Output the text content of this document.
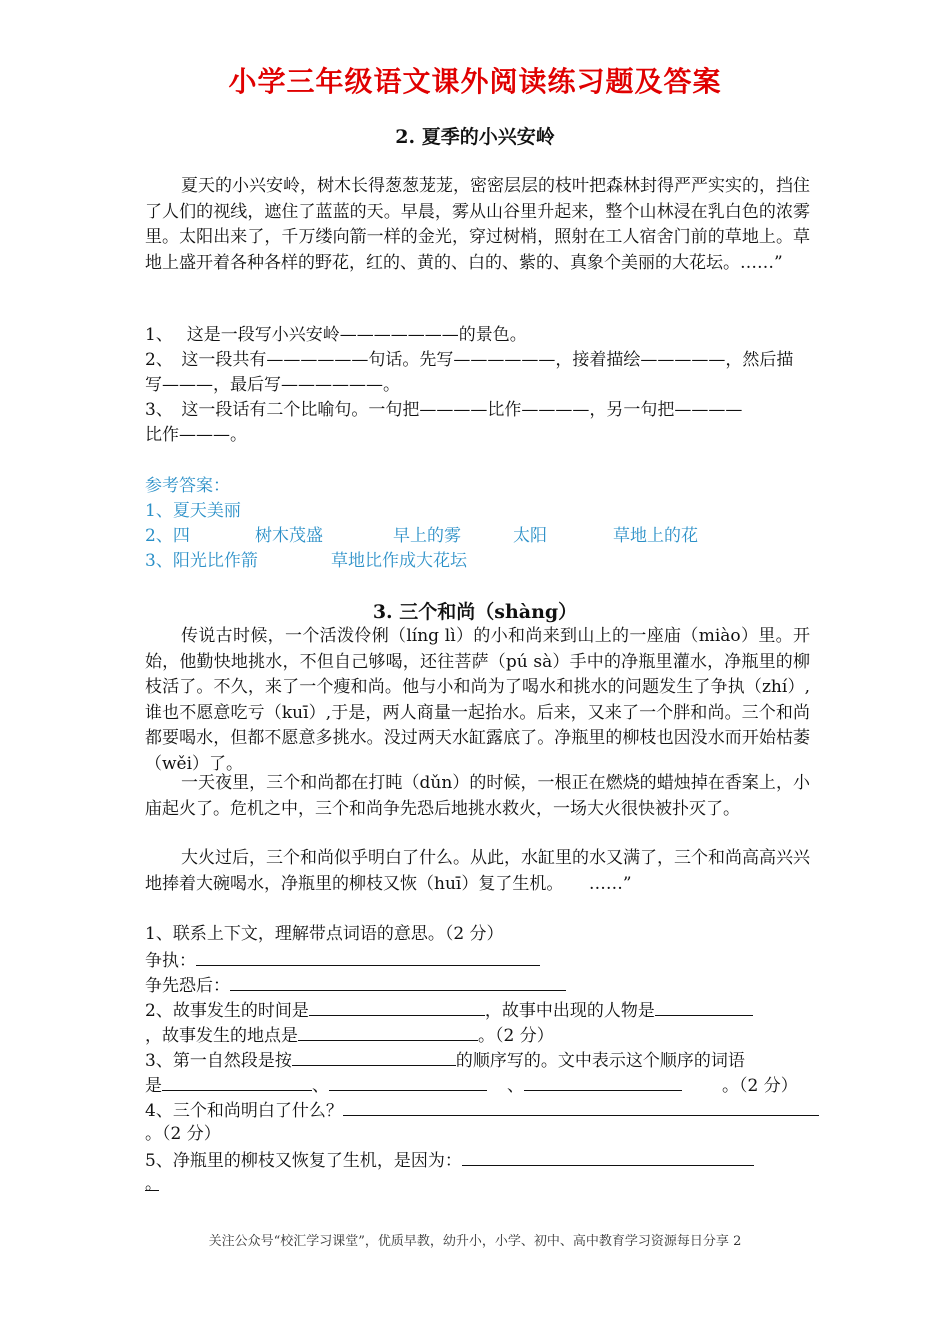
小学三年级语文课外阅读练习题及答案
2. 夏季的小兴安岭

夏天的小兴安岭，树木长得葱葱茏茏，密密层层的枝叶把森林封得严严实实的，挡住了人们的视线，遮住了蓝蓝的天。早晨，雾从山谷里升起来，整个山林浸在乳白色的浓雾里。太阳出来了，千万缕向箭一样的金光，穿过树梢，照射在工人宿舍门前的草地上。草地上盛开着各种各样的野花，红的、黄的、白的、紫的、真象个美丽的大花坛。……”

1、　 这是一段写小兴安岭———————的景色。
2、　这一段共有——————句话。先写——————，接着描绘—————，然后描
写———，最后写——————。
3、　这一段话有二个比喻句。一句把————比作————，另一句把————
比作———。
参考答案：
1、夏天美丽
2、四	树木茂盛	早上的雾	太阳	草地上的花
3、阳光比作箭	草地比作成大花坛
3. 三个和尚（shàng）

传说古时候，一个活泼伶俐（líng lì）的小和尚来到山上的一座庙（miào）里。开始，他勤快地挑水，不但自己够喝，还往菩萨（pú sà）手中的净瓶里灌水，净瓶里的柳枝活了。不久，来了一个瘦和尚。他与小和尚为了喝水和挑水的问题发生了争执（zhí）,谁也不愿意吃亏（kuī）,于是，两人商量一起抬水。后来，又来了一个胖和尚。三个和尚都要喝水，但都不愿意多挑水。没过两天水缸露底了。净瓶里的柳枝也因没水而开始枯萎（wěi）了。

一天夜里，三个和尚都在打盹（dǔn）的时候，一根正在燃烧的蜡烛掉在香案上，小庙起火了。危机之中，三个和尚争先恐后地挑水救火，一场大火很快被扑灭了。

大火过后，三个和尚似乎明白了什么。从此，水缸里的水又满了，三个和尚高高兴兴地捧着大碗喝水，净瓶里的柳枝又恢（huī）复了生机。　　……”

1、联系上下文，理解带点词语的意思。（2 分）
争执：
争先恐后：
2、故事发生的时间是	，故事中出现的人物是
，故事发生的地点是	。（2 分）
3、第一自然段是按	的顺序写的。文中表示这个顺序的词语
是	、	、	。（2 分）
4、三个和尚明白了什么？
。（2 分）
5、净瓶里的柳枝又恢复了生机，是因为：
。
关注公众号“校汇学习课堂”，优质早教，幼升小，小学、初中、高中教育学习资源每日分享 2
